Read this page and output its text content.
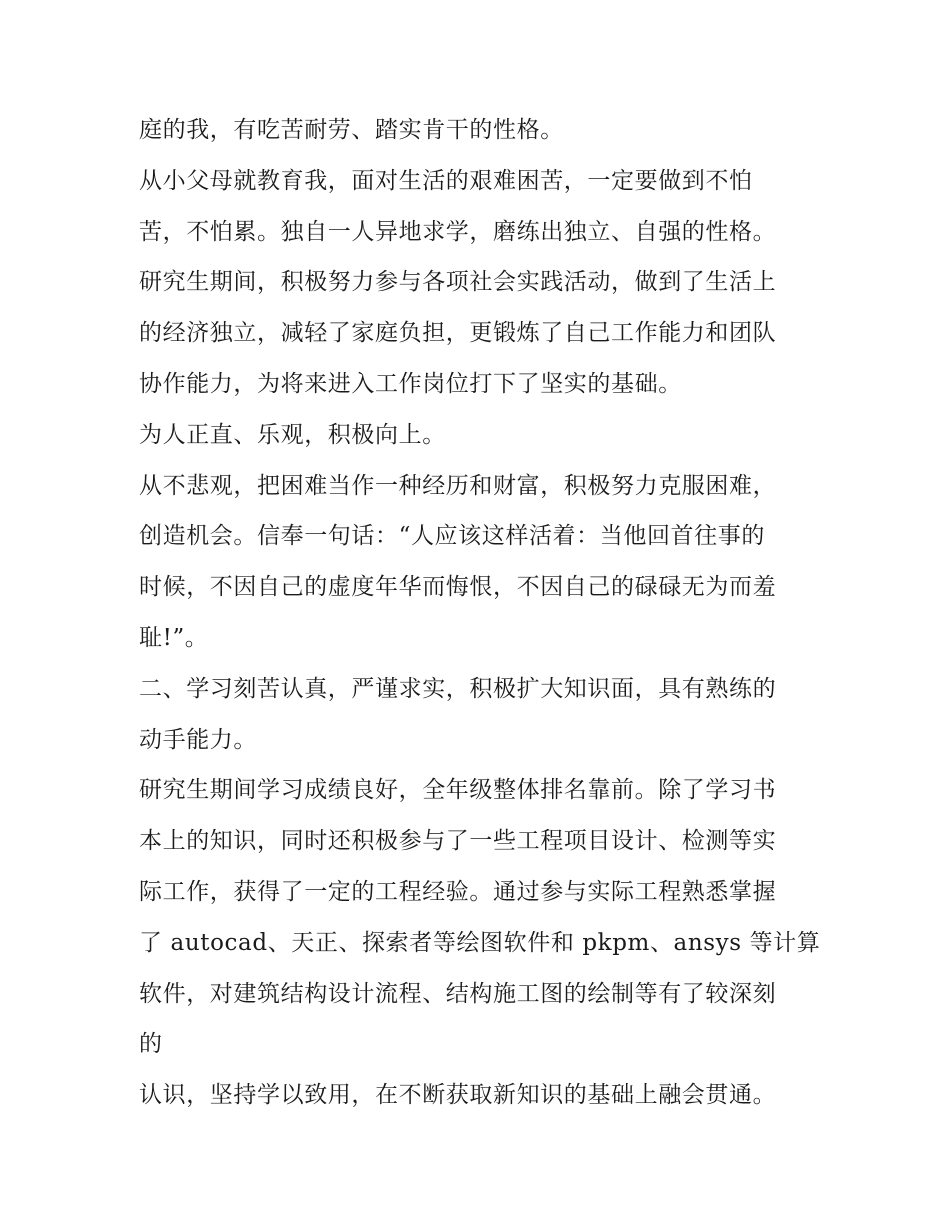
庭的我，有吃苦耐劳、踏实肯干的性格。

从小父母就教育我，面对生活的艰难困苦，一定要做到不怕

苦，不怕累。独自一人异地求学，磨练出独立、自强的性格。

研究生期间，积极努力参与各项社会实践活动，做到了生活上

的经济独立，减轻了家庭负担，更锻炼了自己工作能力和团队

协作能力，为将来进入工作岗位打下了坚实的基础。

为人正直、乐观，积极向上。

从不悲观，把困难当作一种经历和财富，积极努力克服困难，

创造机会。信奉一句话：“人应该这样活着：当他回首往事的

时候，不因自己的虚度年华而悔恨，不因自己的碌碌无为而羞

耻!”。

二、学习刻苦认真，严谨求实，积极扩大知识面，具有熟练的

动手能力。

研究生期间学习成绩良好，全年级整体排名靠前。除了学习书

本上的知识，同时还积极参与了一些工程项目设计、检测等实

际工作，获得了一定的工程经验。通过参与实际工程熟悉掌握

了 autocad、天正、探索者等绘图软件和 pkpm、ansys 等计算

软件，对建筑结构设计流程、结构施工图的绘制等有了较深刻

的

认识，坚持学以致用，在不断获取新知识的基础上融会贯通。
